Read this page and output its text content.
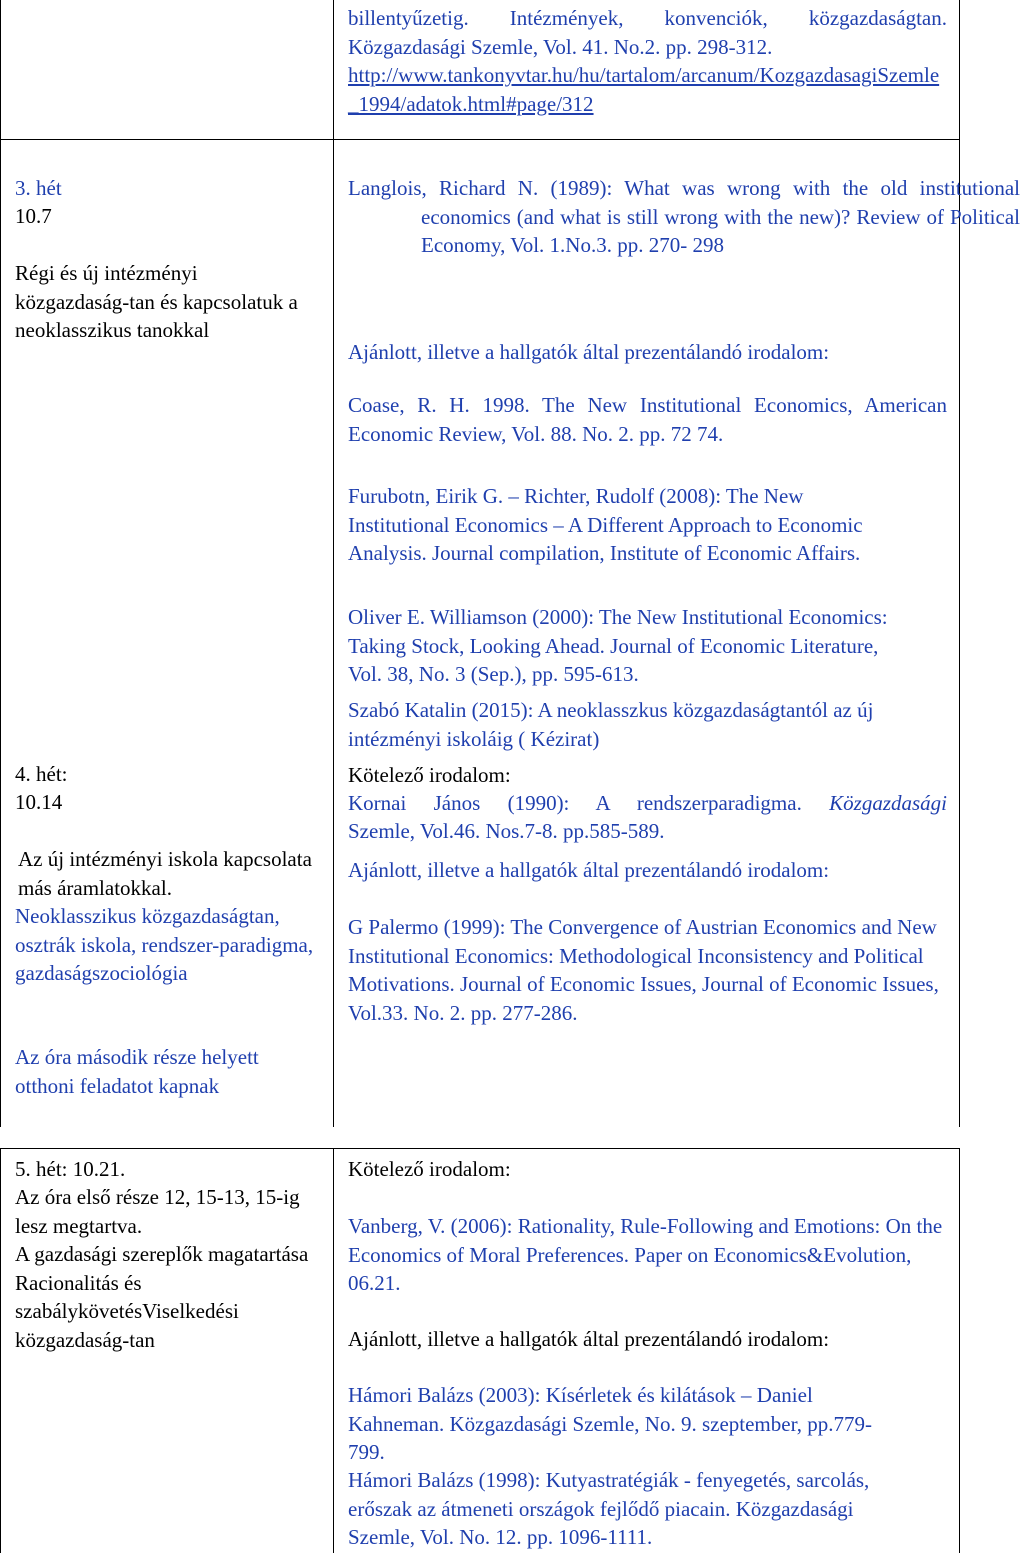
billentyűzetig. Intézmények, konvenciók, közgazdaságtan. Közgazdasági Szemle, Vol. 41. No.2. pp. 298-312.

http://www.tankonyvtar.hu/hu/tartalom/arcanum/KozgazdasagiSzemle_1994/adatok.html#page/312

3. hét

10.7

Régi és új intézményi közgazdaság-tan és kapcsolatuk a neoklasszikus tanokkal

4. hét:

10.14

Az új intézményi iskola kapcsolata más áramlatokkal.

Neoklasszikus közgazdaságtan, osztrák iskola, rendszer-paradigma, gazdaságszociológia

Az óra második része helyett otthoni feladatot kapnak

Langlois, Richard N. (1989): What was wrong with the old institutional economics (and what is still wrong with the new)? Review of Political Economy, Vol. 1.No.3. pp. 270- 298

Ajánlott, illetve a hallgatók által prezentálandó irodalom:

Coase, R. H. 1998. The New Institutional Economics, American Economic Review, Vol. 88. No. 2. pp. 72 74.

Furubotn, Eirik G. – Richter, Rudolf (2008): The New Institutional Economics – A Different Approach to Economic Analysis. Journal compilation, Institute of Economic Affairs.

Oliver E. Williamson (2000): The New Institutional Economics: Taking Stock, Looking Ahead. Journal of Economic Literature, Vol. 38, No. 3 (Sep.), pp. 595-613.

Szabó Katalin (2015): A neoklasszkus közgazdaságtantól az új intézményi iskoláig ( Kézirat)

Kötelező irodalom:

Kornai János (1990): A rendszerparadigma. Közgazdasági

Szemle, Vol.46. Nos.7-8. pp.585-589.

Ajánlott, illetve a hallgatók által prezentálandó irodalom:

G Palermo (1999): The Convergence of Austrian Economics and New Institutional Economics: Methodological Inconsistency and Political Motivations. Journal of Economic Issues, Journal of Economic Issues, Vol.33. No. 2. pp. 277-286.

5. hét: 10.21.

Az óra első része 12, 15-13, 15-ig lesz megtartva.

A gazdasági szereplők magatartása Racionalitás és szabálykövetésViselkedési közgazdaság-tan

Kötelező irodalom:

Vanberg, V. (2006): Rationality, Rule-Following and Emotions: On the Economics of Moral Preferences. Paper on Economics&Evolution, 06.21.

Ajánlott, illetve a hallgatók által prezentálandó irodalom:

Hámori Balázs (2003): Kísérletek és kilátások – Daniel Kahneman. Közgazdasági Szemle, No. 9. szeptember, pp.779-799.

Hámori Balázs (1998): Kutyastratégiák - fenyegetés, sarcolás, erőszak az átmeneti országok fejlődő piacain. Közgazdasági Szemle, Vol. No. 12. pp. 1096-1111.
